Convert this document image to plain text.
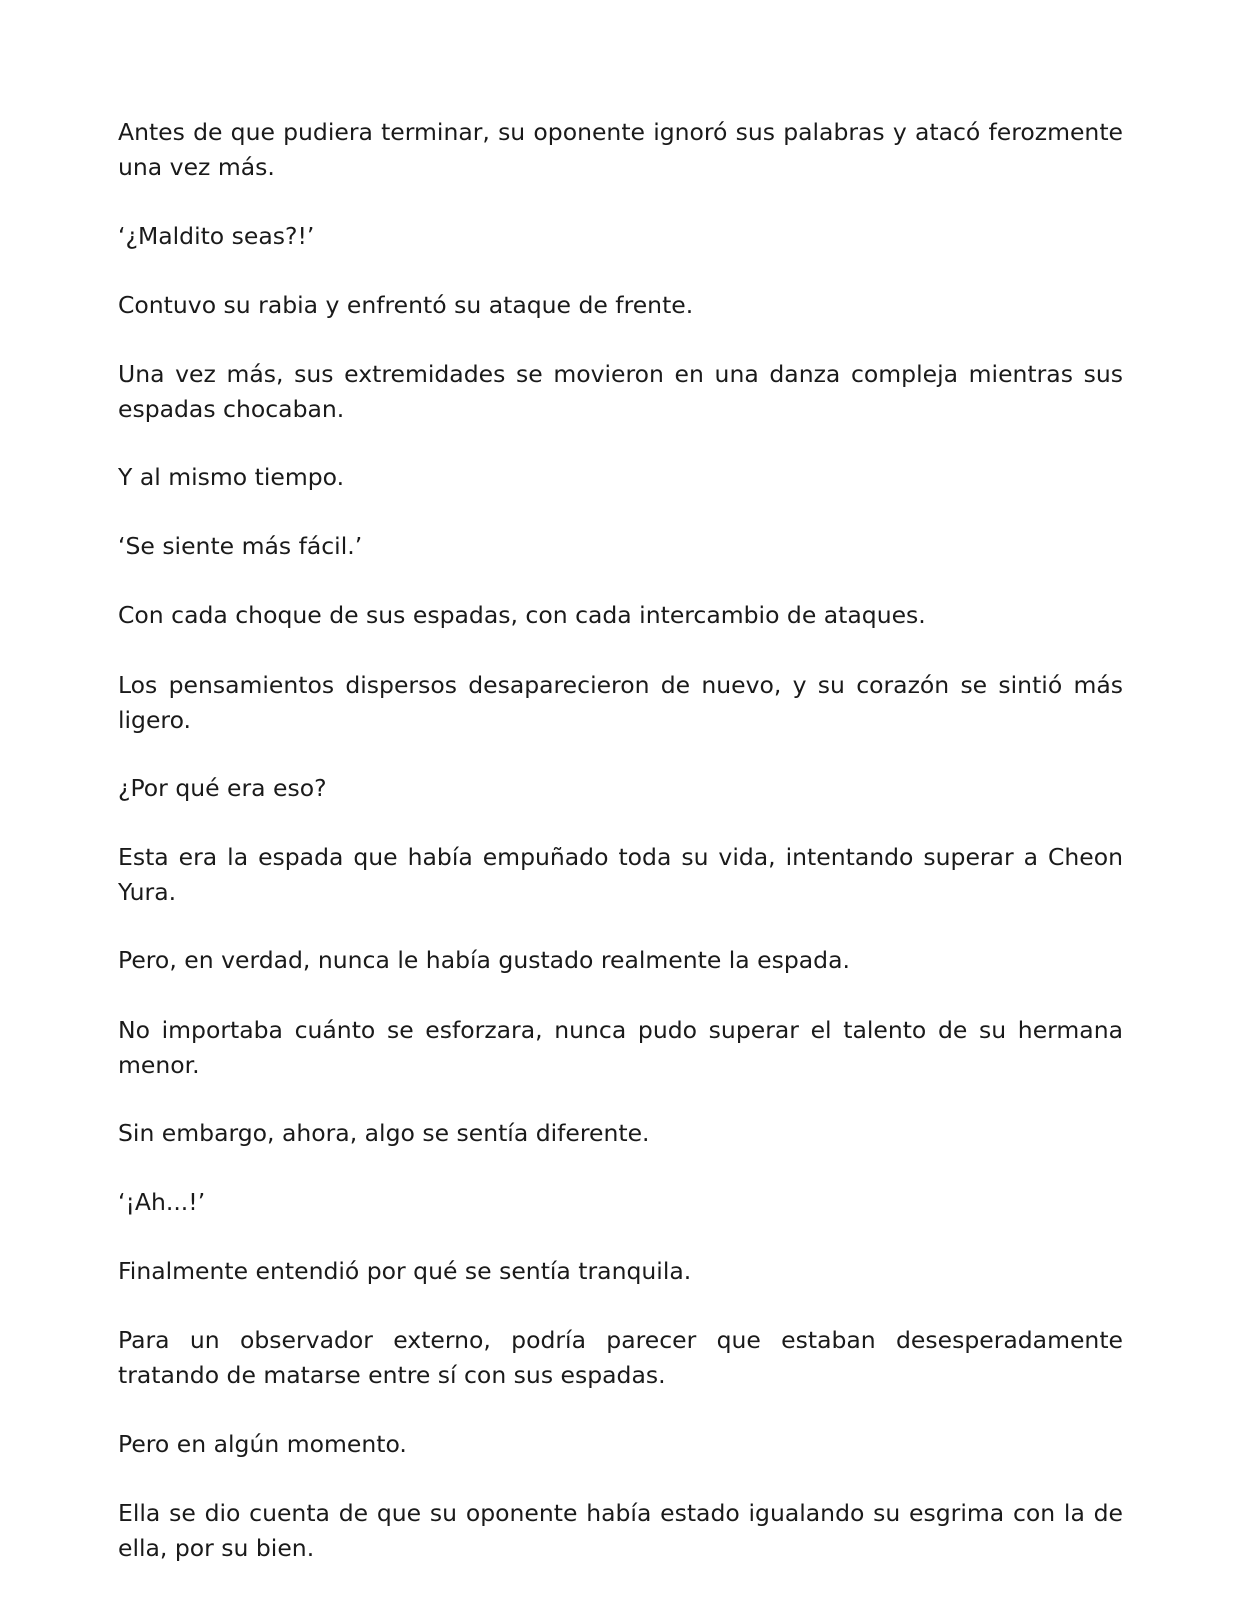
Antes de que pudiera terminar, su oponente ignoró sus palabras y atacó ferozmente una vez más.

‘¿Maldito seas?!’

Contuvo su rabia y enfrentó su ataque de frente.

Una vez más, sus extremidades se movieron en una danza compleja mientras sus espadas chocaban.

Y al mismo tiempo.

‘Se siente más fácil.’

Con cada choque de sus espadas, con cada intercambio de ataques.

Los pensamientos dispersos desaparecieron de nuevo, y su corazón se sintió más ligero.

¿Por qué era eso?

Esta era la espada que había empuñado toda su vida, intentando superar a Cheon Yura.

Pero, en verdad, nunca le había gustado realmente la espada.

No importaba cuánto se esforzara, nunca pudo superar el talento de su hermana menor.

Sin embargo, ahora, algo se sentía diferente.

‘¡Ah...!’

Finalmente entendió por qué se sentía tranquila.

Para un observador externo, podría parecer que estaban desesperadamente tratando de matarse entre sí con sus espadas.

Pero en algún momento.

Ella se dio cuenta de que su oponente había estado igualando su esgrima con la de ella, por su bien.
